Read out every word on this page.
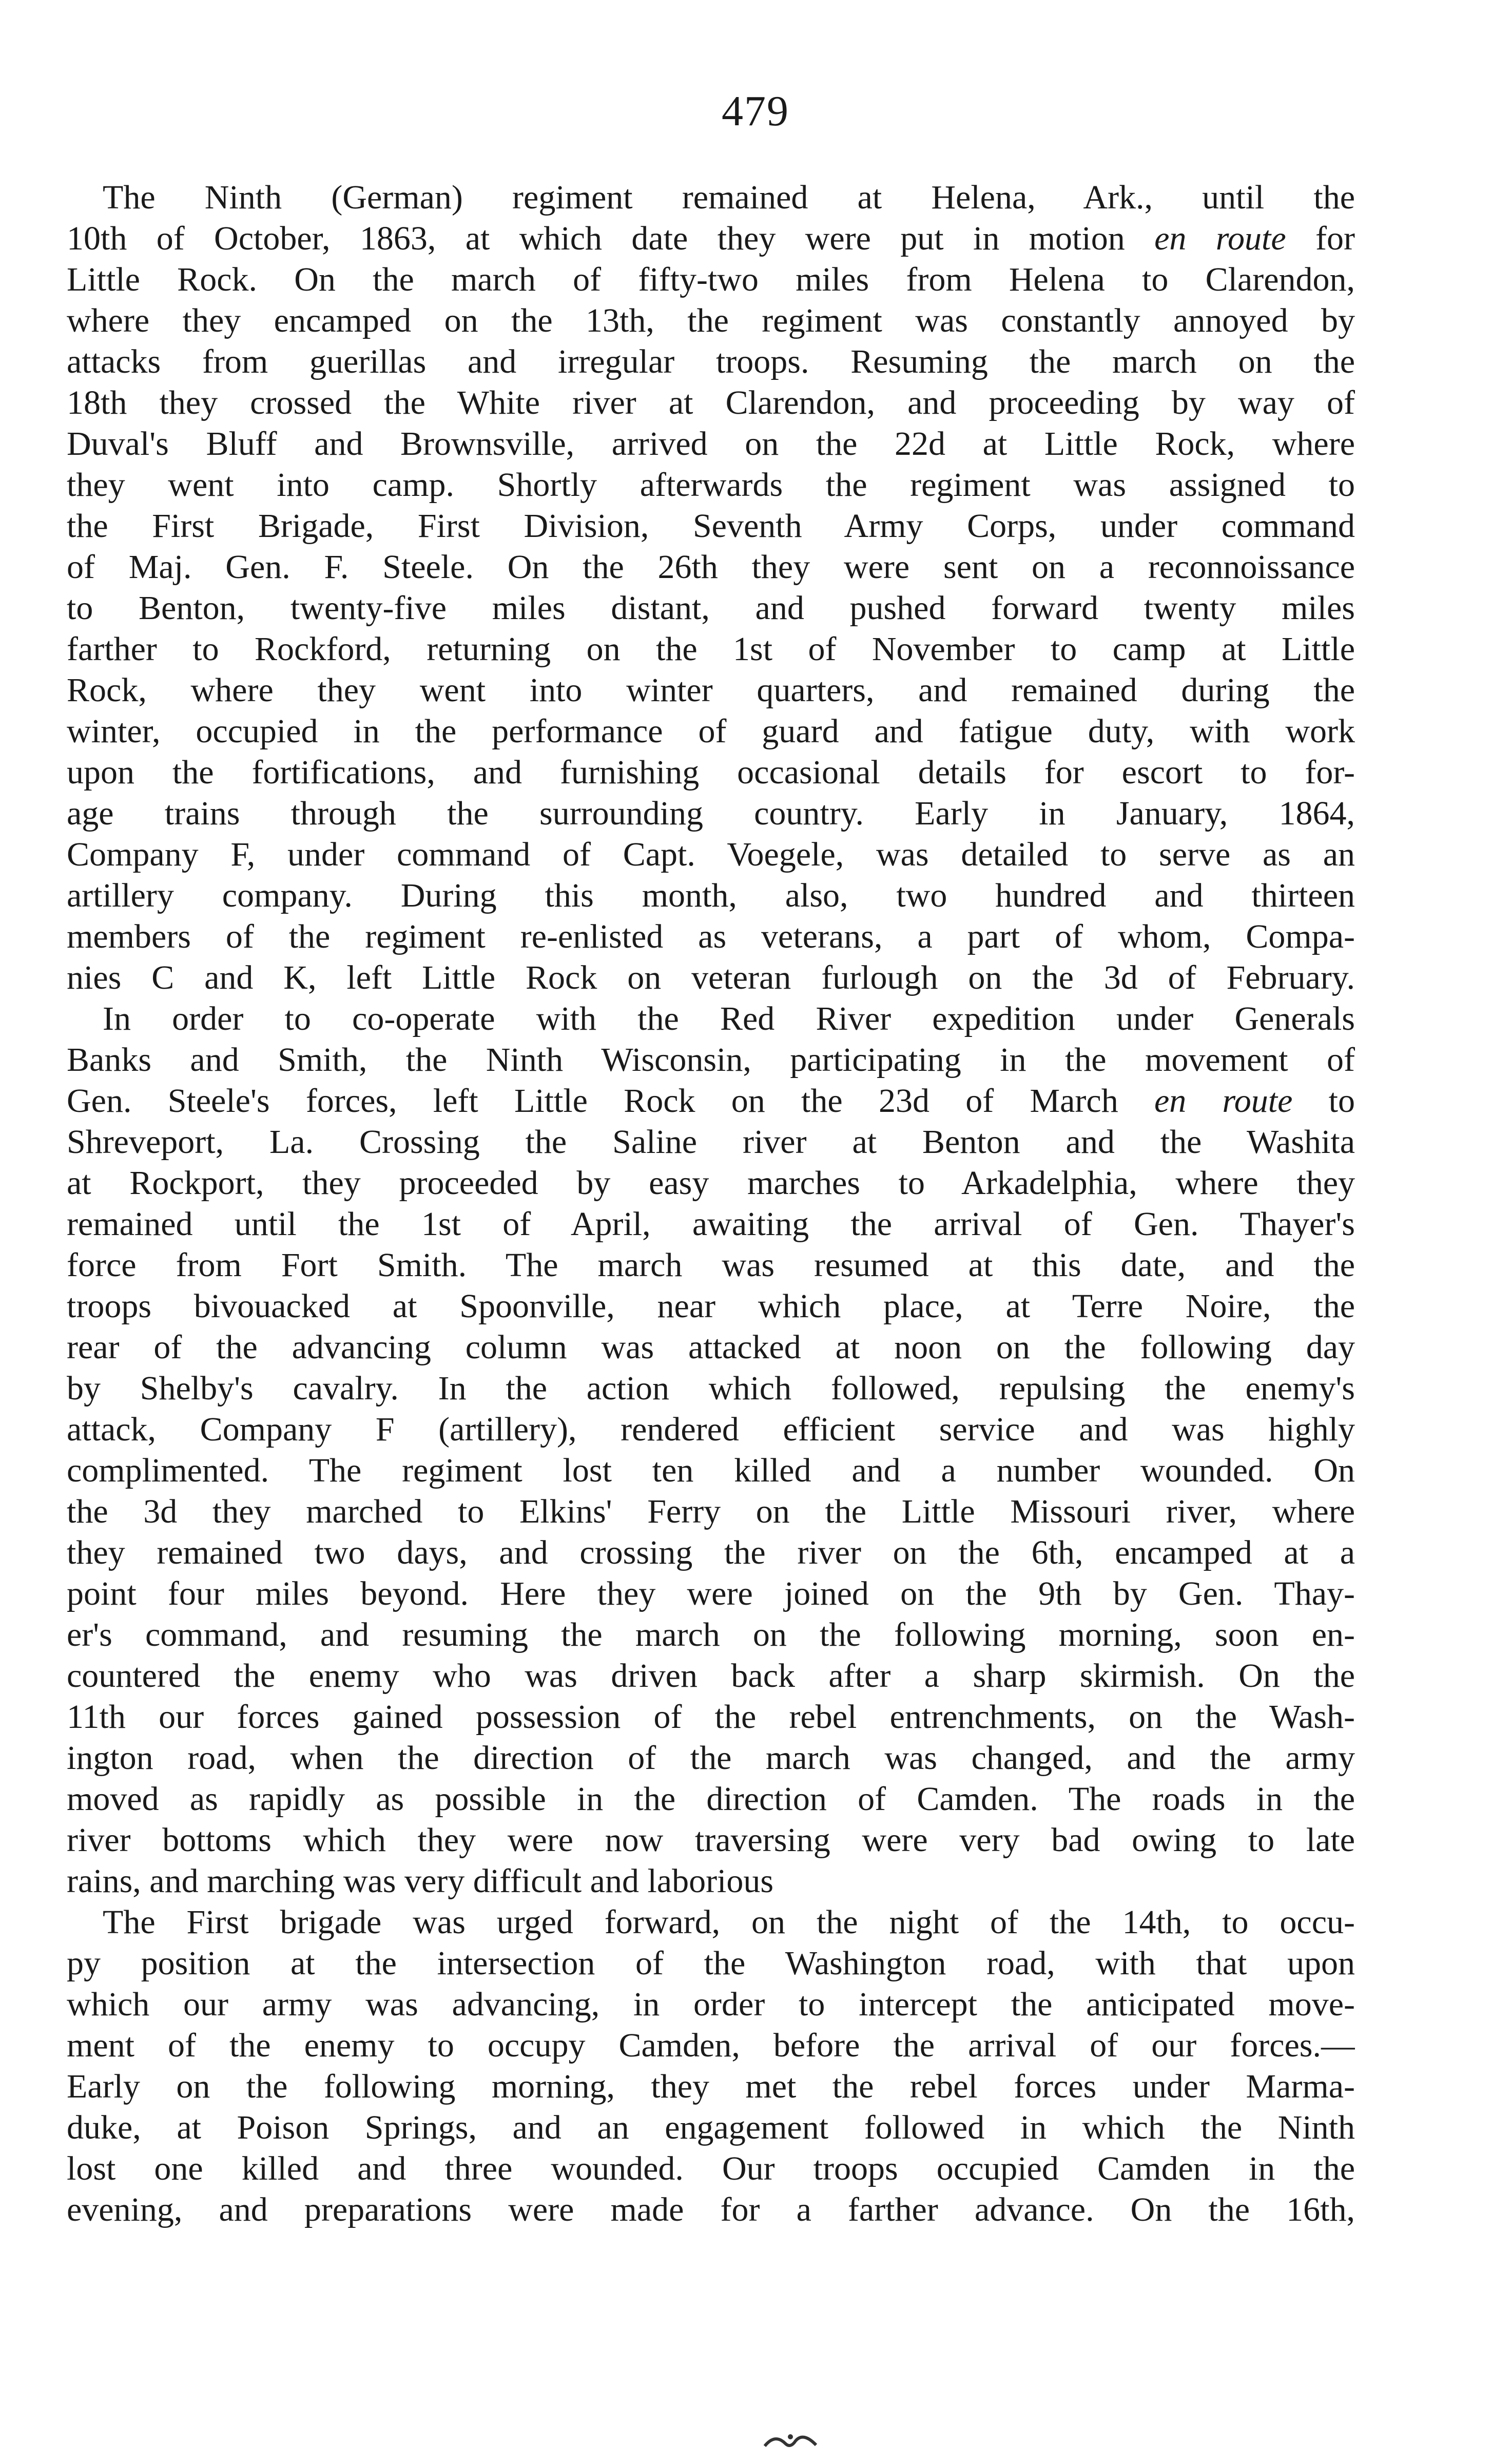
479
The Ninth (German) regiment remained at Helena, Ark., until the
10th of October, 1863, at which date they were put in motion en route for
Little Rock. On the march of fifty-two miles from Helena to Clarendon,
where they encamped on the 13th, the regiment was constantly annoyed by
attacks from guerillas and irregular troops. Resuming the march on the
18th they crossed the White river at Clarendon, and proceeding by way of
Duval's Bluff and Brownsville, arrived on the 22d at Little Rock, where
they went into camp. Shortly afterwards the regiment was assigned to
the First Brigade, First Division, Seventh Army Corps, under command
of Maj. Gen. F. Steele. On the 26th they were sent on a reconnoissance
to Benton, twenty-five miles distant, and pushed forward twenty miles
farther to Rockford, returning on the 1st of November to camp at Little
Rock, where they went into winter quarters, and remained during the
winter, occupied in the performance of guard and fatigue duty, with work
upon the fortifications, and furnishing occasional details for escort to for-
age trains through the surrounding country. Early in January, 1864,
Company F, under command of Capt. Voegele, was detailed to serve as an
artillery company. During this month, also, two hundred and thirteen
members of the regiment re-enlisted as veterans, a part of whom, Compa-
nies C and K, left Little Rock on veteran furlough on the 3d of February.
In order to co-operate with the Red River expedition under Generals
Banks and Smith, the Ninth Wisconsin, participating in the movement of
Gen. Steele's forces, left Little Rock on the 23d of March en route to
Shreveport, La. Crossing the Saline river at Benton and the Washita
at Rockport, they proceeded by easy marches to Arkadelphia, where they
remained until the 1st of April, awaiting the arrival of Gen. Thayer's
force from Fort Smith. The march was resumed at this date, and the
troops bivouacked at Spoonville, near which place, at Terre Noire, the
rear of the advancing column was attacked at noon on the following day
by Shelby's cavalry. In the action which followed, repulsing the enemy's
attack, Company F (artillery), rendered efficient service and was highly
complimented. The regiment lost ten killed and a number wounded. On
the 3d they marched to Elkins' Ferry on the Little Missouri river, where
they remained two days, and crossing the river on the 6th, encamped at a
point four miles beyond. Here they were joined on the 9th by Gen. Thay-
er's command, and resuming the march on the following morning, soon en-
countered the enemy who was driven back after a sharp skirmish. On the
11th our forces gained possession of the rebel entrenchments, on the Wash-
ington road, when the direction of the march was changed, and the army
moved as rapidly as possible in the direction of Camden. The roads in the
river bottoms which they were now traversing were very bad owing to late
rains, and marching was very difficult and laborious
The First brigade was urged forward, on the night of the 14th, to occu-
py position at the intersection of the Washington road, with that upon
which our army was advancing, in order to intercept the anticipated move-
ment of the enemy to occupy Camden, before the arrival of our forces.—
Early on the following morning, they met the rebel forces under Marma-
duke, at Poison Springs, and an engagement followed in which the Ninth
lost one killed and three wounded. Our troops occupied Camden in the
evening, and preparations were made for a farther advance. On the 16th,
